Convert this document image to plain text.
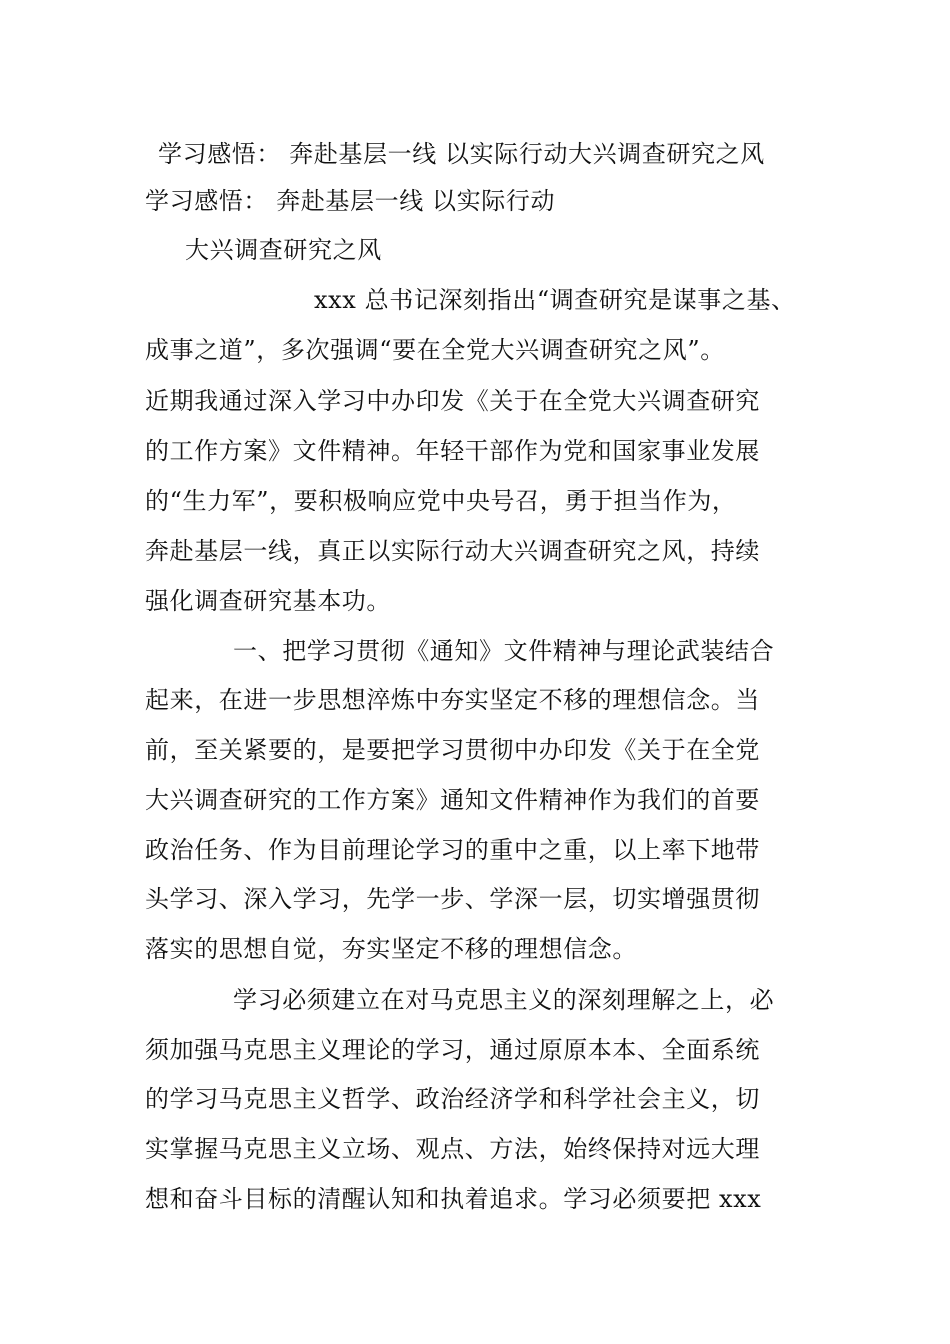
学习感悟： 奔赴基层一线 以实际行动大兴调查研究之风
学习感悟： 奔赴基层一线 以实际行动
大兴调查研究之风
xxx 总书记深刻指出“调查研究是谋事之基、
成事之道”，多次强调“要在全党大兴调查研究之风”。
近期我通过深入学习中办印发《关于在全党大兴调查研究
的工作方案》文件精神。年轻干部作为党和国家事业发展
的“生力军”，要积极响应党中央号召，勇于担当作为，
奔赴基层一线，真正以实际行动大兴调查研究之风，持续
强化调查研究基本功。
一、把学习贯彻《通知》文件精神与理论武装结合
起来，在进一步思想淬炼中夯实坚定不移的理想信念。当
前，至关紧要的，是要把学习贯彻中办印发《关于在全党
大兴调查研究的工作方案》通知文件精神作为我们的首要
政治任务、作为目前理论学习的重中之重，以上率下地带
头学习、深入学习，先学一步、学深一层，切实增强贯彻
落实的思想自觉，夯实坚定不移的理想信念。
学习必须建立在对马克思主义的深刻理解之上，必
须加强马克思主义理论的学习，通过原原本本、全面系统
的学习马克思主义哲学、政治经济学和科学社会主义，切
实掌握马克思主义立场、观点、方法，始终保持对远大理
想和奋斗目标的清醒认知和执着追求。学习必须要把 xxx
